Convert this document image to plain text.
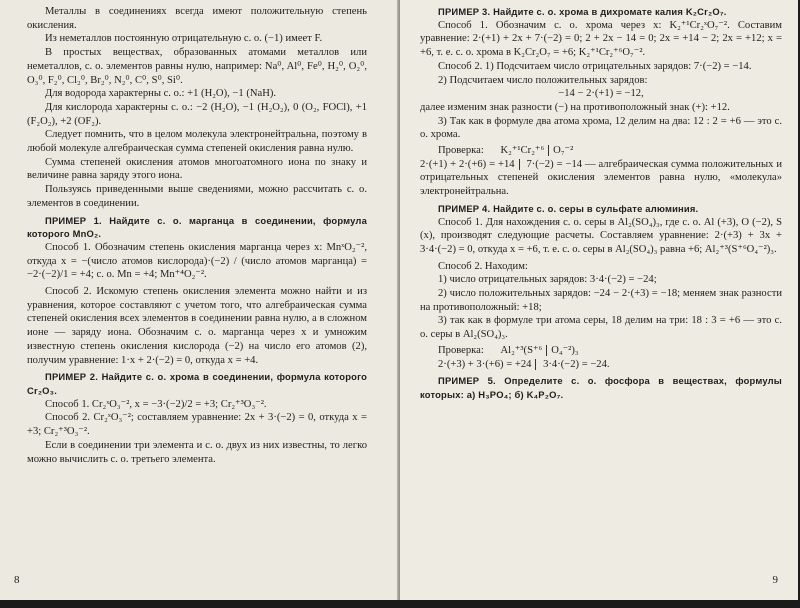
Металлы в соединениях всегда имеют положительную степень окисления.

Из неметаллов постоянную отрицательную с. о. (−1) имеет F.

В простых веществах, образованных атомами металлов или неметаллов, с. о. элементов равны нулю, например: Na⁰, Al⁰, Fe⁰, H₂⁰, O₂⁰, O₃⁰, F₂⁰, Cl₂⁰, Br₂⁰, N₂⁰, C⁰, S⁰, Si⁰.

Для водорода характерны с. о.: +1 (H₂O), −1 (NaH).

Для кислорода характерны с. о.: −2 (H₂O), −1 (H₂O₂), 0 (O₂, FOCl), +1 (F₂O₂), +2 (OF₂).

Следует помнить, что в целом молекула электронейтральна, поэтому в любой молекуле алгебраическая сумма степеней окисления равна нулю.

Сумма степеней окисления атомов многоатомного иона по знаку и величине равна заряду этого иона.

Пользуясь приведенными выше сведениями, можно рассчитать с. о. элементов в соединении.

ПРИМЕР 1. Найдите с. о. марганца в соединении, формула которого MnO₂.

Способ 1. Обозначим степень окисления марганца через x: MnˣO₂⁻², откуда x = −(число атомов кислорода)·(−2) / (число атомов марганца) = −2·(−2)/1 = +4; с. о. Mn = +4; Mn⁺⁴O₂⁻².

Способ 2. Искомую степень окисления элемента можно найти и из уравнения, которое составляют с учетом того, что алгебраическая сумма степеней окисления всех элементов в соединении равна нулю, а в сложном ионе — заряду иона. Обозначим с. о. марганца через x и умножим известную степень окисления кислорода (−2) на число его атомов (2), получим уравнение: 1·x + 2·(−2) = 0, откуда x = +4.

ПРИМЕР 2. Найдите с. о. хрома в соединении, формула которого Cr₂O₃.

Способ 1. Cr₂ˣO₃⁻², x = −3·(−2)/2 = +3; Cr₂⁺³O₃⁻².

Способ 2. Cr₂ˣO₃⁻²; составляем уравнение: 2x + 3·(−2) = 0, откуда x = +3; Cr₂⁺³O₃⁻².

Если в соединении три элемента и с. о. двух из них известны, то легко можно вычислить с. о. третьего элемента.

8

ПРИМЕР 3. Найдите с. о. хрома в дихромате калия K₂Cr₂O₇.

Способ 1. Обозначим с. о. хрома через x: K₂⁺¹Cr₂ˣO₇⁻². Составим уравнение: 2·(+1) + 2x + 7·(−2) = 0; 2 + 2x − 14 = 0; 2x = +14 − 2; 2x = +12; x = +6, т. е. с. о. хрома в K₂Cr₂O₇ = +6; K₂⁺¹Cr₂⁺⁶O₇⁻².

Способ 2. 1) Подсчитаем число отрицательных зарядов: 7·(−2) = −14.

2) Подсчитаем число положительных зарядов:

−14 − 2·(+1) = −12,

далее изменим знак разности (−) на противоположный знак (+): +12.

3) Так как в формуле два атома хрома, 12 делим на два: 12 : 2 = +6 — это с. о. хрома.

Проверка: K₂⁺¹Cr₂⁺⁶ O₇⁻²

2·(+1) + 2·(+6) = +14 7·(−2) = −14 — алгебраическая сумма положительных и отрицательных степеней окисления элементов равна нулю, «молекула» электронейтральна.

ПРИМЕР 4. Найдите с. о. серы в сульфате алюминия.

Способ 1. Для нахождения с. о. серы в Al₂(SO₄)₃, где с. о. Al (+3), O (−2), S (x), производят следующие расчеты. Составляем уравнение: 2·(+3) + 3x + 3·4·(−2) = 0, откуда x = +6, т. е. с. о. серы в Al₂(SO₄)₃ равна +6; Al₂⁺³(S⁺⁶O₄⁻²)₃.

Способ 2. Находим:

1) число отрицательных зарядов: 3·4·(−2) = −24;

2) число положительных зарядов: −24 − 2·(+3) = −18; меняем знак разности на противоположный: +18;

3) так как в формуле три атома серы, 18 делим на три: 18 : 3 = +6 — это с. о. серы в Al₂(SO₄)₃.

Проверка: Al₂⁺³(S⁺⁶ O₄⁻²)₃

2·(+3) + 3·(+6) = +24 3·4·(−2) = −24.

ПРИМЕР 5. Определите с. о. фосфора в веществах, формулы которых: а) H₃PO₄; б) K₄P₂O₇.

9
